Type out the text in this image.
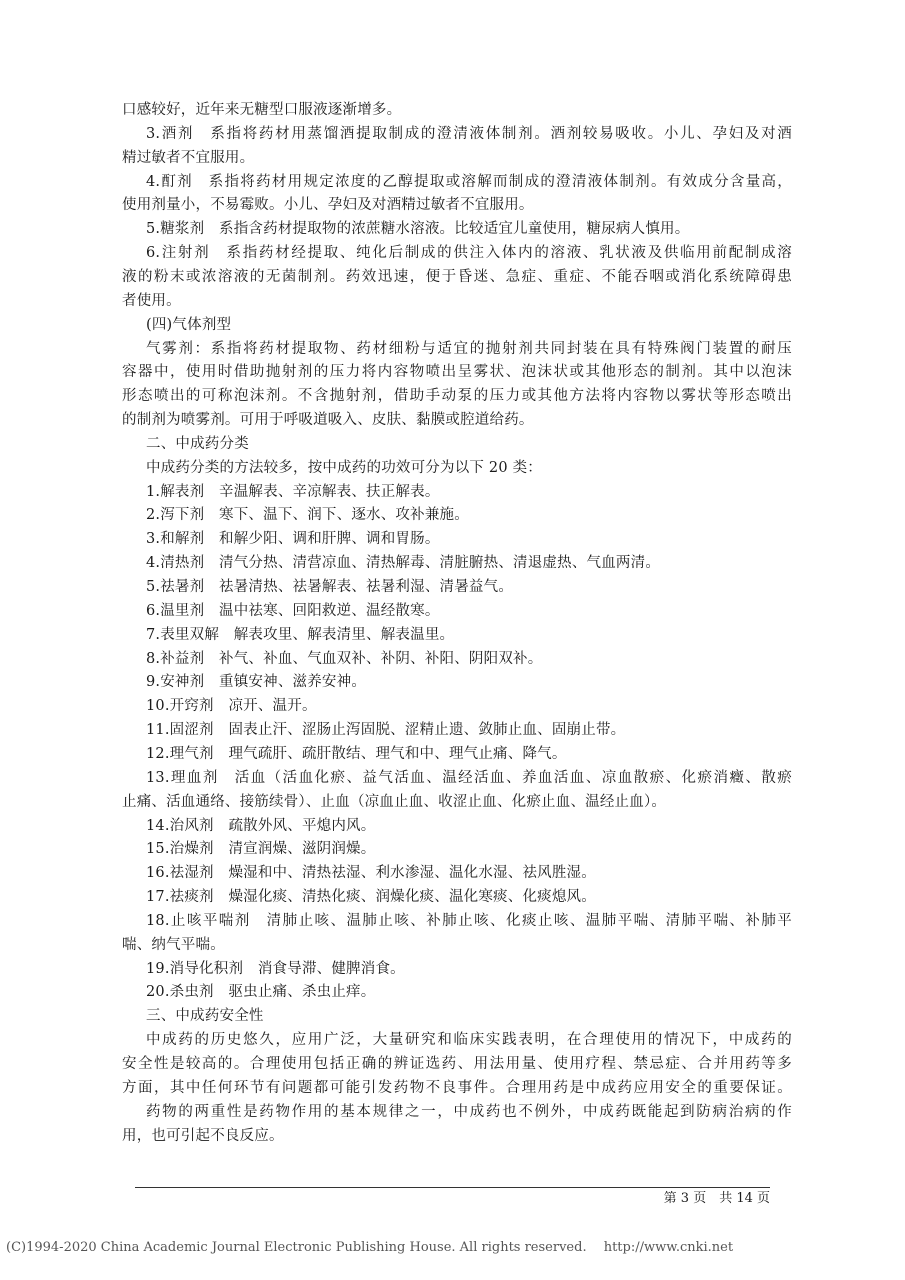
口感较好，近年来无糖型口服液逐渐增多。
3.酒剂　系指将药材用蒸馏酒提取制成的澄清液体制剂。酒剂较易吸收。小儿、孕妇及对酒
精过敏者不宜服用。
4.酊剂　系指将药材用规定浓度的乙醇提取或溶解而制成的澄清液体制剂。有效成分含量高，
使用剂量小，不易霉败。小儿、孕妇及对酒精过敏者不宜服用。
5.糖浆剂　系指含药材提取物的浓蔗糖水溶液。比较适宜儿童使用，糖尿病人慎用。
6.注射剂　系指药材经提取、纯化后制成的供注入体内的溶液、乳状液及供临用前配制成溶
液的粉末或浓溶液的无菌制剂。药效迅速，便于昏迷、急症、重症、不能吞咽或消化系统障碍患
者使用。
(四)气体剂型
气雾剂：系指将药材提取物、药材细粉与适宜的抛射剂共同封装在具有特殊阀门装置的耐压
容器中，使用时借助抛射剂的压力将内容物喷出呈雾状、泡沫状或其他形态的制剂。其中以泡沫
形态喷出的可称泡沫剂。不含抛射剂，借助手动泵的压力或其他方法将内容物以雾状等形态喷出
的制剂为喷雾剂。可用于呼吸道吸入、皮肤、黏膜或腔道给药。
二、中成药分类
中成药分类的方法较多，按中成药的功效可分为以下 20 类：
1.解表剂　辛温解表、辛凉解表、扶正解表。
2.泻下剂　寒下、温下、润下、逐水、攻补兼施。
3.和解剂　和解少阳、调和肝脾、调和胃肠。
4.清热剂　清气分热、清营凉血、清热解毒、清脏腑热、清退虚热、气血两清。
5.祛暑剂　祛暑清热、祛暑解表、祛暑利湿、清暑益气。
6.温里剂　温中祛寒、回阳救逆、温经散寒。
7.表里双解　解表攻里、解表清里、解表温里。
8.补益剂　补气、补血、气血双补、补阴、补阳、阴阳双补。
9.安神剂　重镇安神、滋养安神。
10.开窍剂　凉开、温开。
11.固涩剂　固表止汗、涩肠止泻固脱、涩精止遗、敛肺止血、固崩止带。
12.理气剂　理气疏肝、疏肝散结、理气和中、理气止痛、降气。
13.理血剂　活血（活血化瘀、益气活血、温经活血、养血活血、凉血散瘀、化瘀消癥、散瘀
止痛、活血通络、接筋续骨）、止血（凉血止血、收涩止血、化瘀止血、温经止血）。
14.治风剂　疏散外风、平熄内风。
15.治燥剂　清宣润燥、滋阴润燥。
16.祛湿剂　燥湿和中、清热祛湿、利水渗湿、温化水湿、祛风胜湿。
17.祛痰剂　燥湿化痰、清热化痰、润燥化痰、温化寒痰、化痰熄风。
18.止咳平喘剂　清肺止咳、温肺止咳、补肺止咳、化痰止咳、温肺平喘、清肺平喘、补肺平
喘、纳气平喘。
19.消导化积剂　消食导滞、健脾消食。
20.杀虫剂　驱虫止痛、杀虫止痒。
三、中成药安全性
中成药的历史悠久，应用广泛，大量研究和临床实践表明，在合理使用的情况下，中成药的
安全性是较高的。合理使用包括正确的辨证选药、用法用量、使用疗程、禁忌症、合并用药等多
方面，其中任何环节有问题都可能引发药物不良事件。合理用药是中成药应用安全的重要保证。
药物的两重性是药物作用的基本规律之一，中成药也不例外，中成药既能起到防病治病的作
用，也可引起不良反应。
第 3 页　共 14 页
(C)1994-2020 China Academic Journal Electronic Publishing House. All rights reserved.　 http://www.cnki.net
